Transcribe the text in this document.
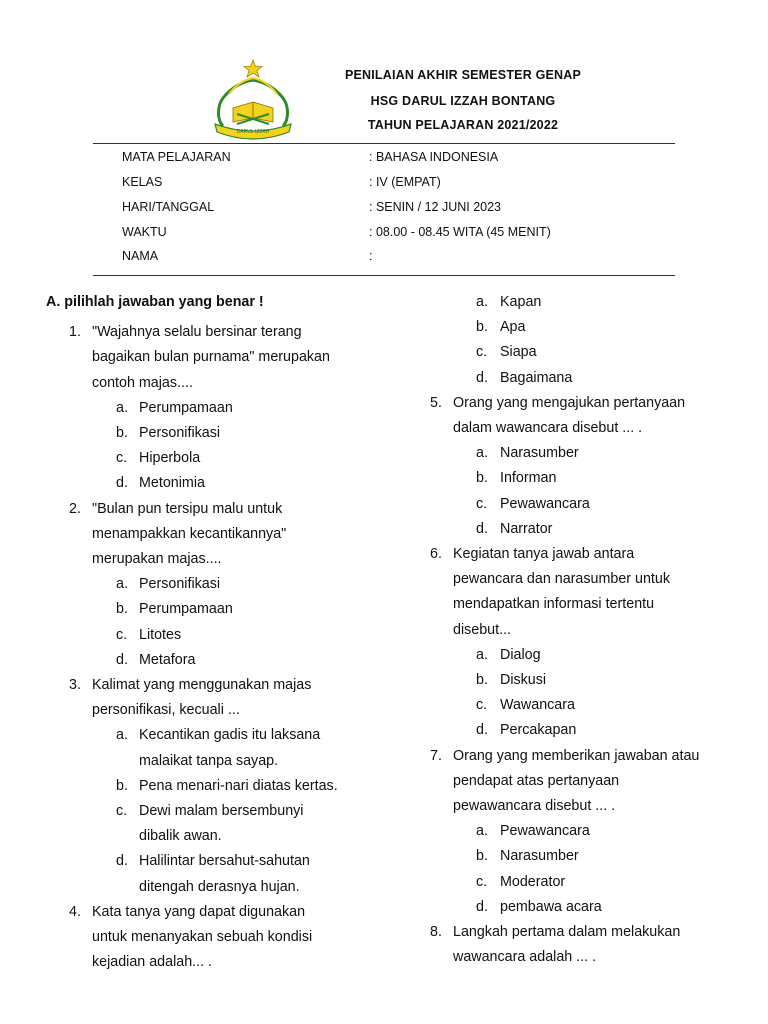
DARUL IZZAH
PENILAIAN AKHIR SEMESTER GENAP
HSG DARUL IZZAH BONTANG
TAHUN PELAJARAN 2021/2022
MATA PELAJARAN	: BAHASA INDONESIA
KELAS	: IV (EMPAT)
HARI/TANGGAL	: SENIN / 12 JUNI 2023
WAKTU	: 08.00 - 08.45 WITA (45 MENIT)
NAMA	:
A. pilihlah jawaban yang benar !
1. "Wajahnya selalu bersinar terang
bagaikan bulan purnama" merupakan
contoh majas....
a. Perumpamaan
b. Personifikasi
c. Hiperbola
d. Metonimia
2. "Bulan pun tersipu malu untuk
menampakkan kecantikannya"
merupakan majas....
a. Personifikasi
b. Perumpamaan
c. Litotes
d. Metafora
3. Kalimat yang menggunakan majas
personifikasi, kecuali ...
a. Kecantikan gadis itu laksana
malaikat tanpa sayap.
b. Pena menari-nari diatas kertas.
c. Dewi malam bersembunyi
dibalik awan.
d. Halilintar bersahut-sahutan
ditengah derasnya hujan.
4. Kata tanya yang dapat digunakan
untuk menanyakan sebuah kondisi
kejadian adalah... .
a. Kapan
b. Apa
c. Siapa
d. Bagaimana
5. Orang yang mengajukan pertanyaan
dalam wawancara disebut ... .
a. Narasumber
b. Informan
c. Pewawancara
d. Narrator
6. Kegiatan tanya jawab antara
pewancara dan narasumber untuk
mendapatkan informasi tertentu
disebut...
a. Dialog
b. Diskusi
c. Wawancara
d. Percakapan
7. Orang yang memberikan jawaban atau
pendapat atas pertanyaan
pewawancara disebut ... .
a. Pewawancara
b. Narasumber
c. Moderator
d. pembawa acara
8. Langkah pertama dalam melakukan
wawancara adalah ... .
